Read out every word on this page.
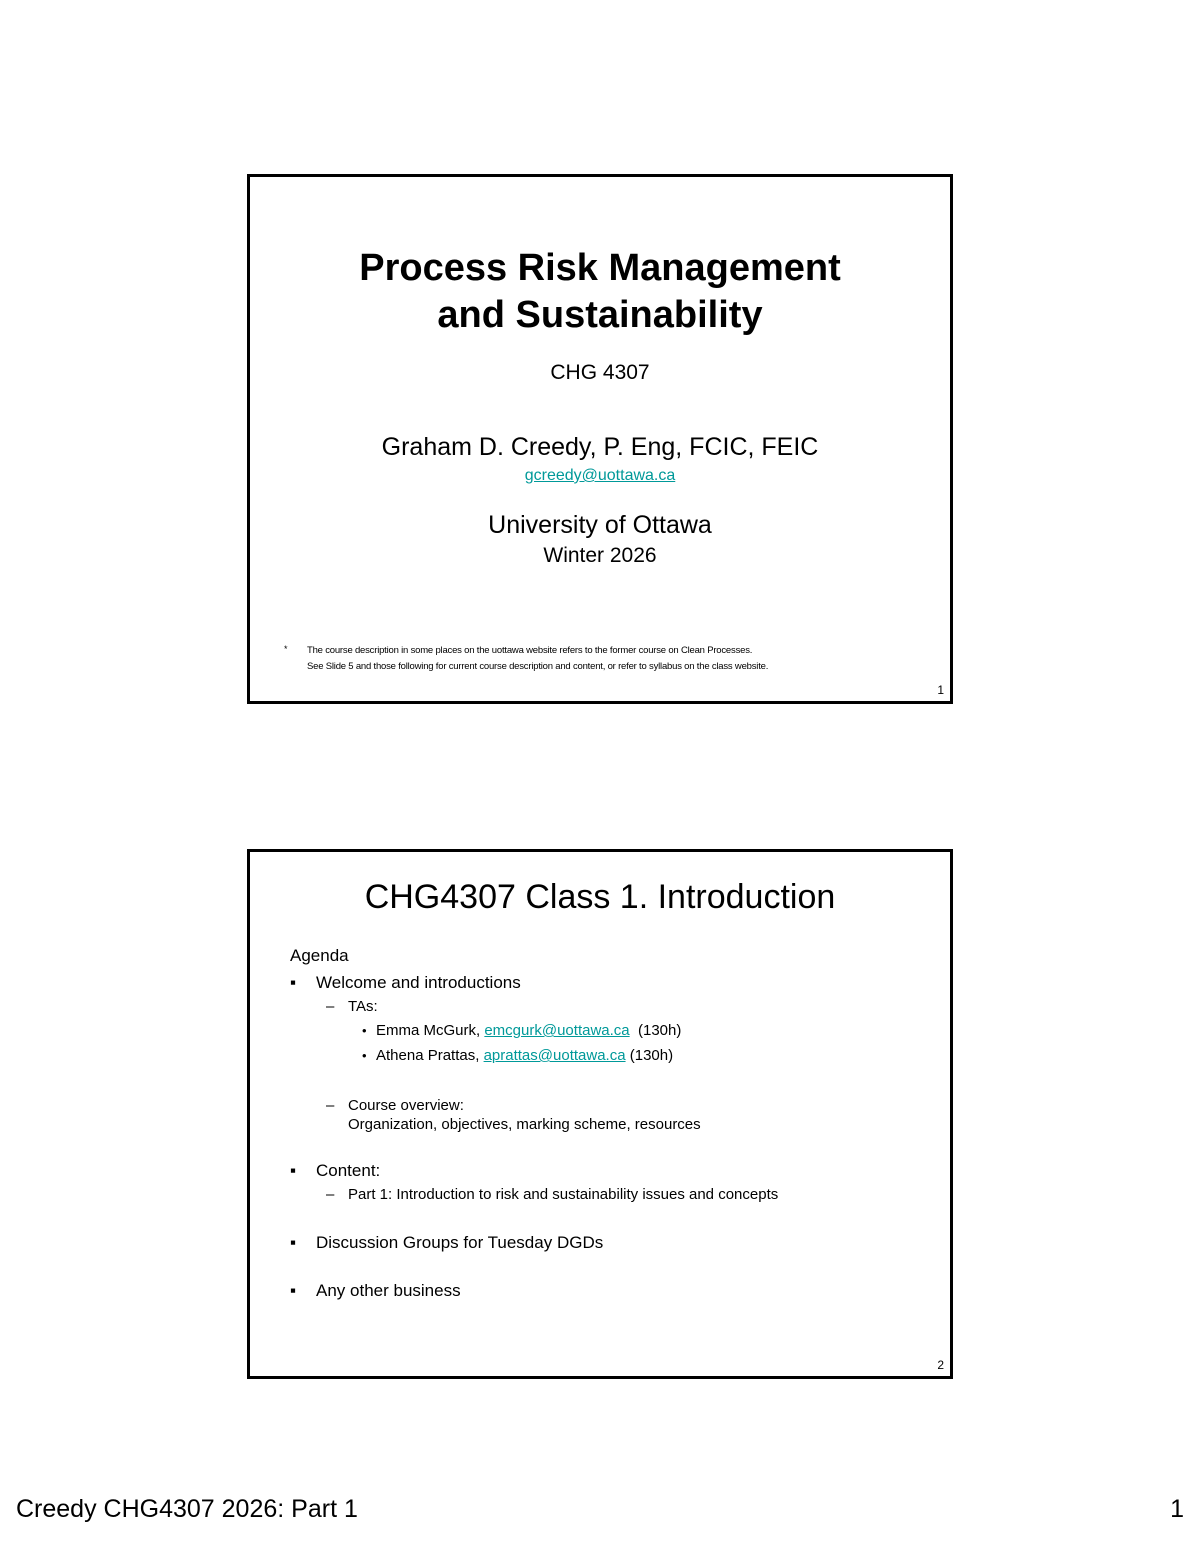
Process Risk Management
and Sustainability
CHG 4307
Graham D. Creedy, P. Eng, FCIC, FEIC
gcreedy@uottawa.ca
University of Ottawa
Winter 2026
*	The course description in some places on the uottawa website refers to the former course on Clean Processes.
See Slide 5 and those following for current course description and content, or refer to syllabus on the class website.
1
CHG4307 Class 1. Introduction
Agenda
▪ Welcome and introductions
– TAs:
• Emma McGurk, emcgurk@uottawa.ca (130h)
• Athena Prattas, aprattas@uottawa.ca (130h)
– Course overview:
Organization, objectives, marking scheme, resources
▪ Content:
– Part 1: Introduction to risk and sustainability issues and concepts
▪ Discussion Groups for Tuesday DGDs
▪ Any other business
2
Creedy CHG4307 2026: Part 1	1
